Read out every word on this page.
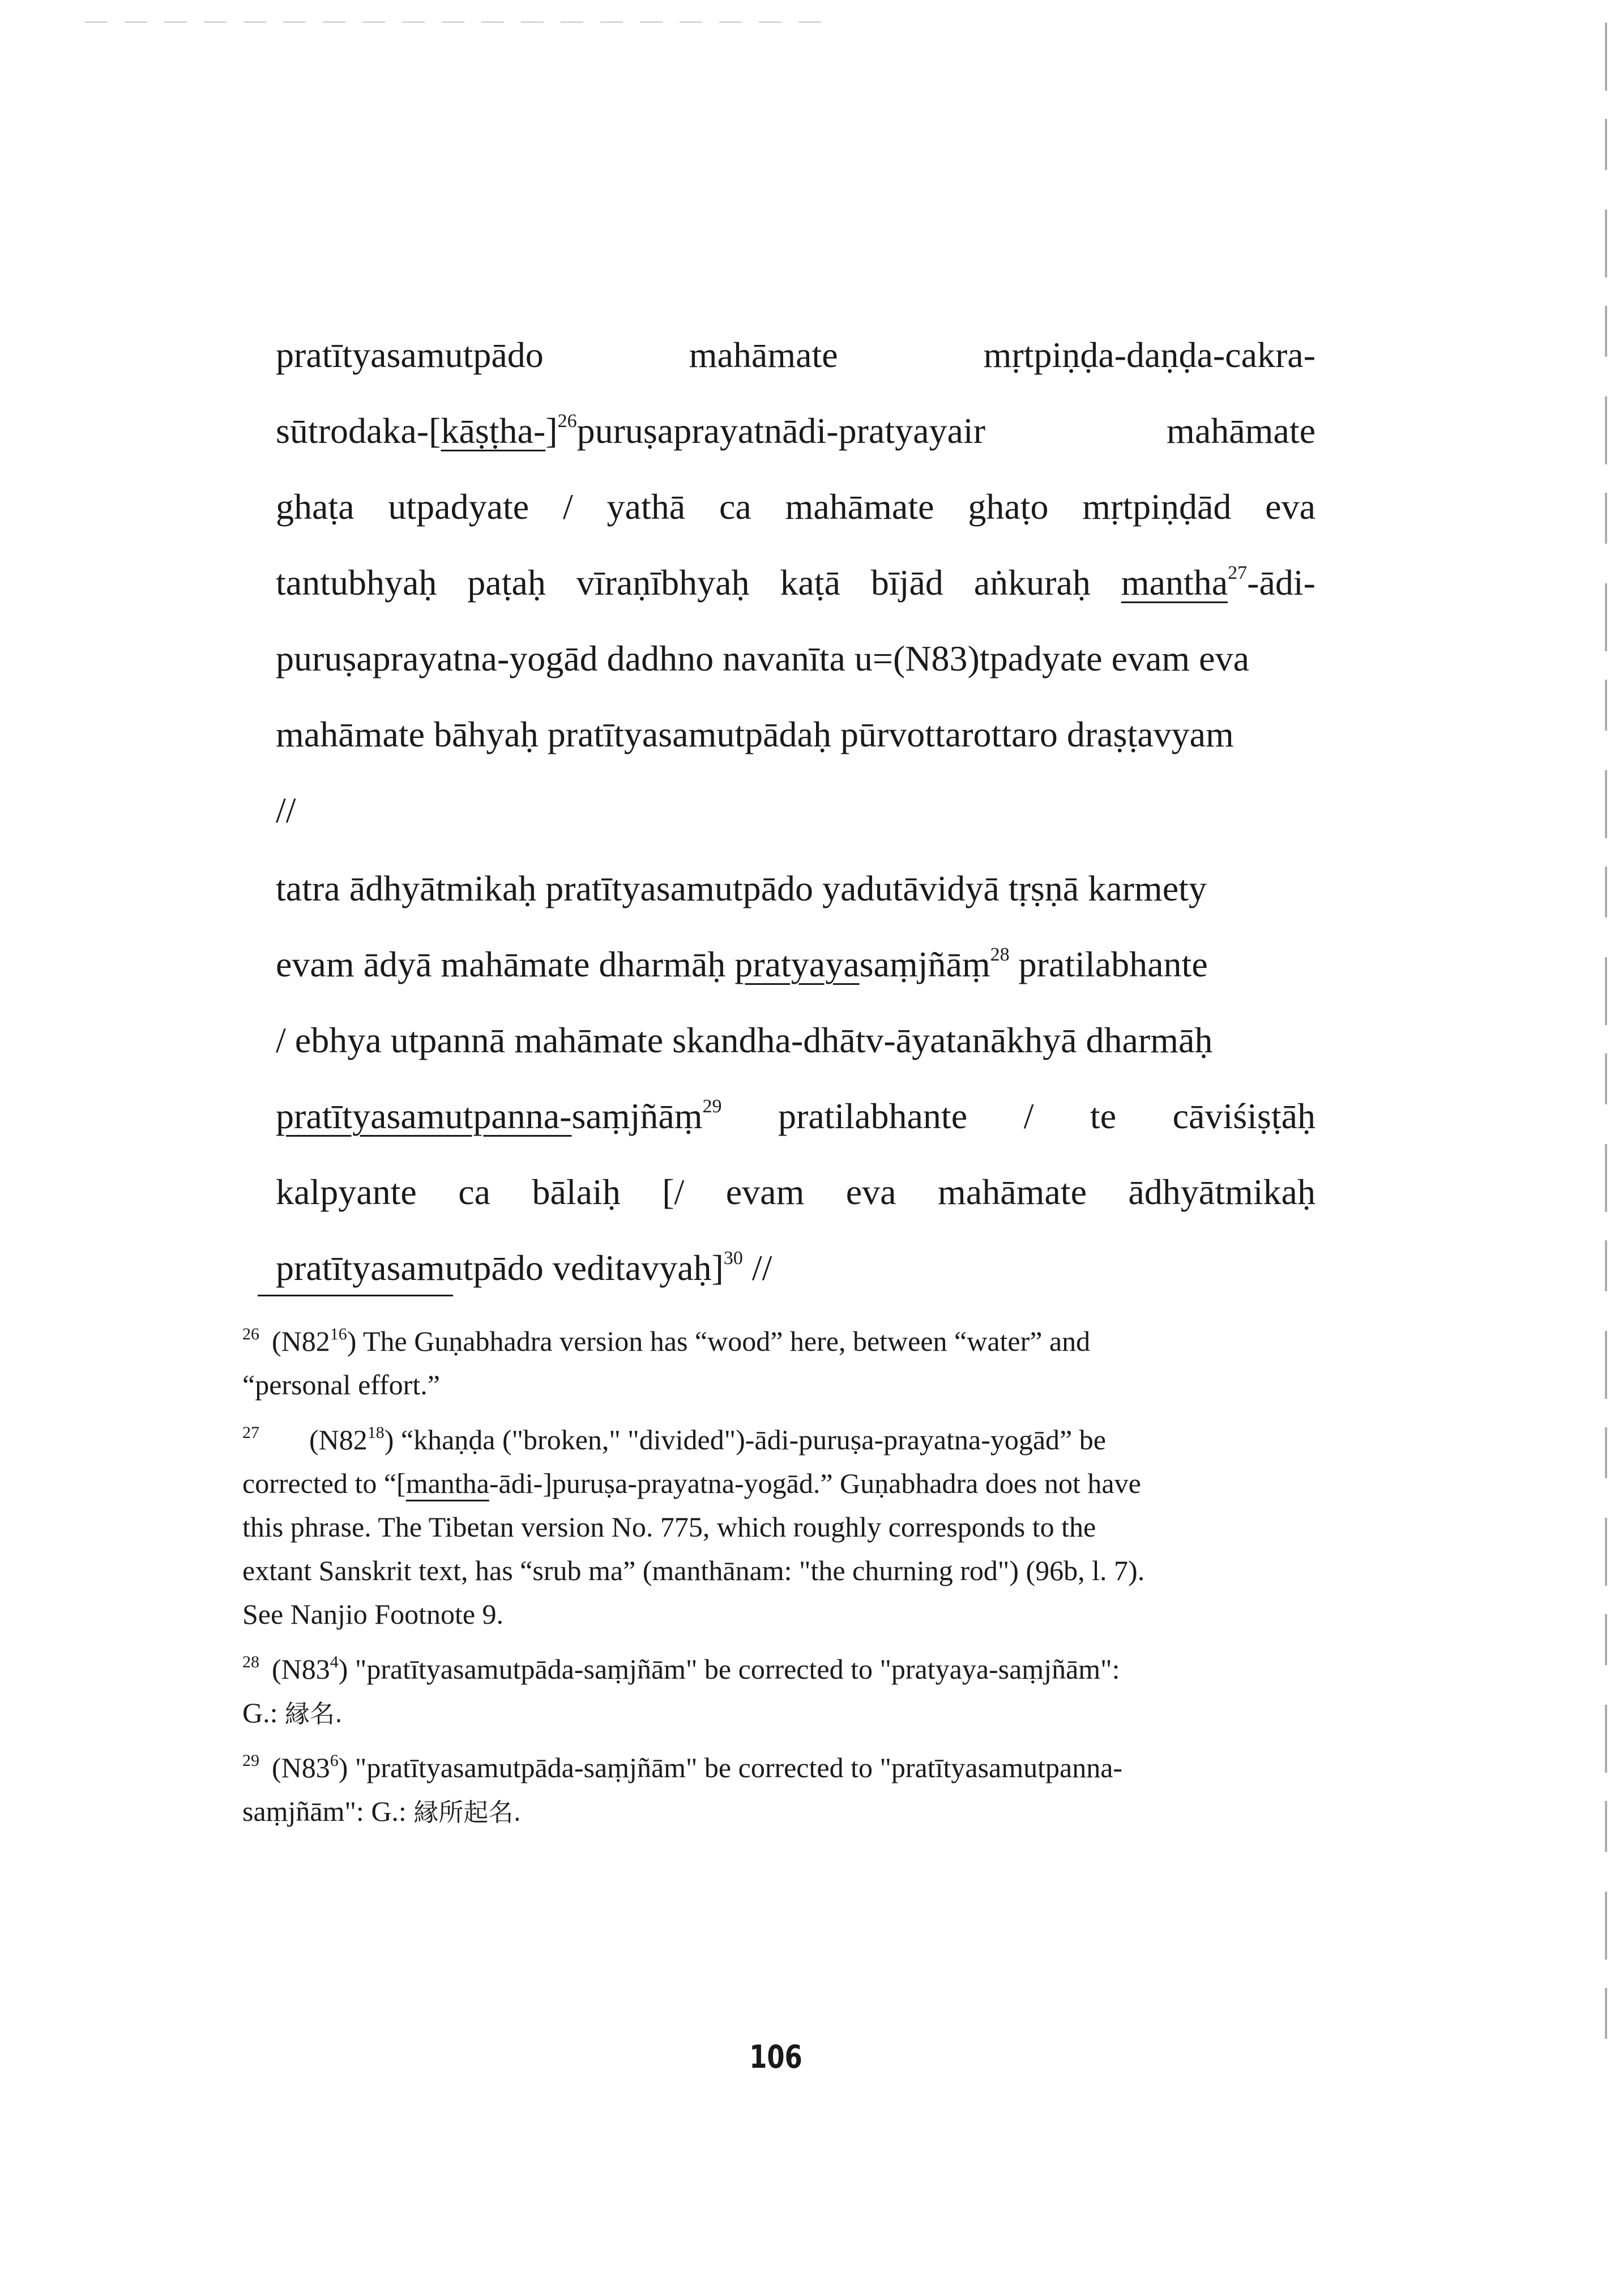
pratītyasamutpādo	mahāmate	mṛtpiṇḍa-daṇḍa-cakra-
sūtrodaka-[kāṣṭha-]$^{26}$puruṣaprayatnādi-pratyayair	mahāmate
ghaṭa utpadyate / yathā ca mahāmate ghaṭo mṛtpiṇḍād eva
tantubhyaḥ paṭaḥ vīraṇībhyaḥ kaṭā bījād aṅkuraḥ mantha$^{27}$-ādi-
puruṣaprayatna-yogād dadhno navanīta u=(N83)tpadyate evam eva
mahāmate bāhyaḥ pratītyasamutpādaḥ pūrvottarottaro draṣṭavyam
//
tatra ādhyātmikaḥ pratītyasamutpādo yadutāvidyā tṛṣṇā karmety
evam ādyā mahāmate dharmāḥ pratyayasaṃjñāṃ$^{28}$ pratilabhante
/ ebhya utpannā mahāmate skandha-dhātv-āyatanākhyā dharmāḥ
pratītyasamutpanna-saṃjñāṃ$^{29}$ pratilabhante / te cāviśiṣṭāḥ
kalpyante ca bālaiḥ [/ evam eva mahāmate ādhyātmikaḥ
pratītyasamutpādo veditavyaḥ]$^{30}$ //
$^{26}$ $(N82^{16})$ The Guṇabhadra version has “wood” here, between “water” and
“personal effort.”
$^{27}$ $(N82^{18})$ “khaṇḍa ("broken," "divided")-ādi-puruṣa-prayatna-yogād” be
corrected to “[mantha-ādi-]puruṣa-prayatna-yogād.” Guṇabhadra does not have
this phrase. The Tibetan version No. 775, which roughly corresponds to the
extant Sanskrit text, has “srub ma” (manthānam: "the churning rod") (96b, l. 7).
See Nanjio Footnote 9.
$^{28}$ $(N83^4)$ "pratītyasamutpāda-saṃjñām" be corrected to "pratyaya-saṃjñām":
G.: 縁名.
$^{29}$ $(N83^6)$ "pratītyasamutpāda-saṃjñām" be corrected to "pratītyasamutpanna-
saṃjñām": G.: 縁所起名.
106
